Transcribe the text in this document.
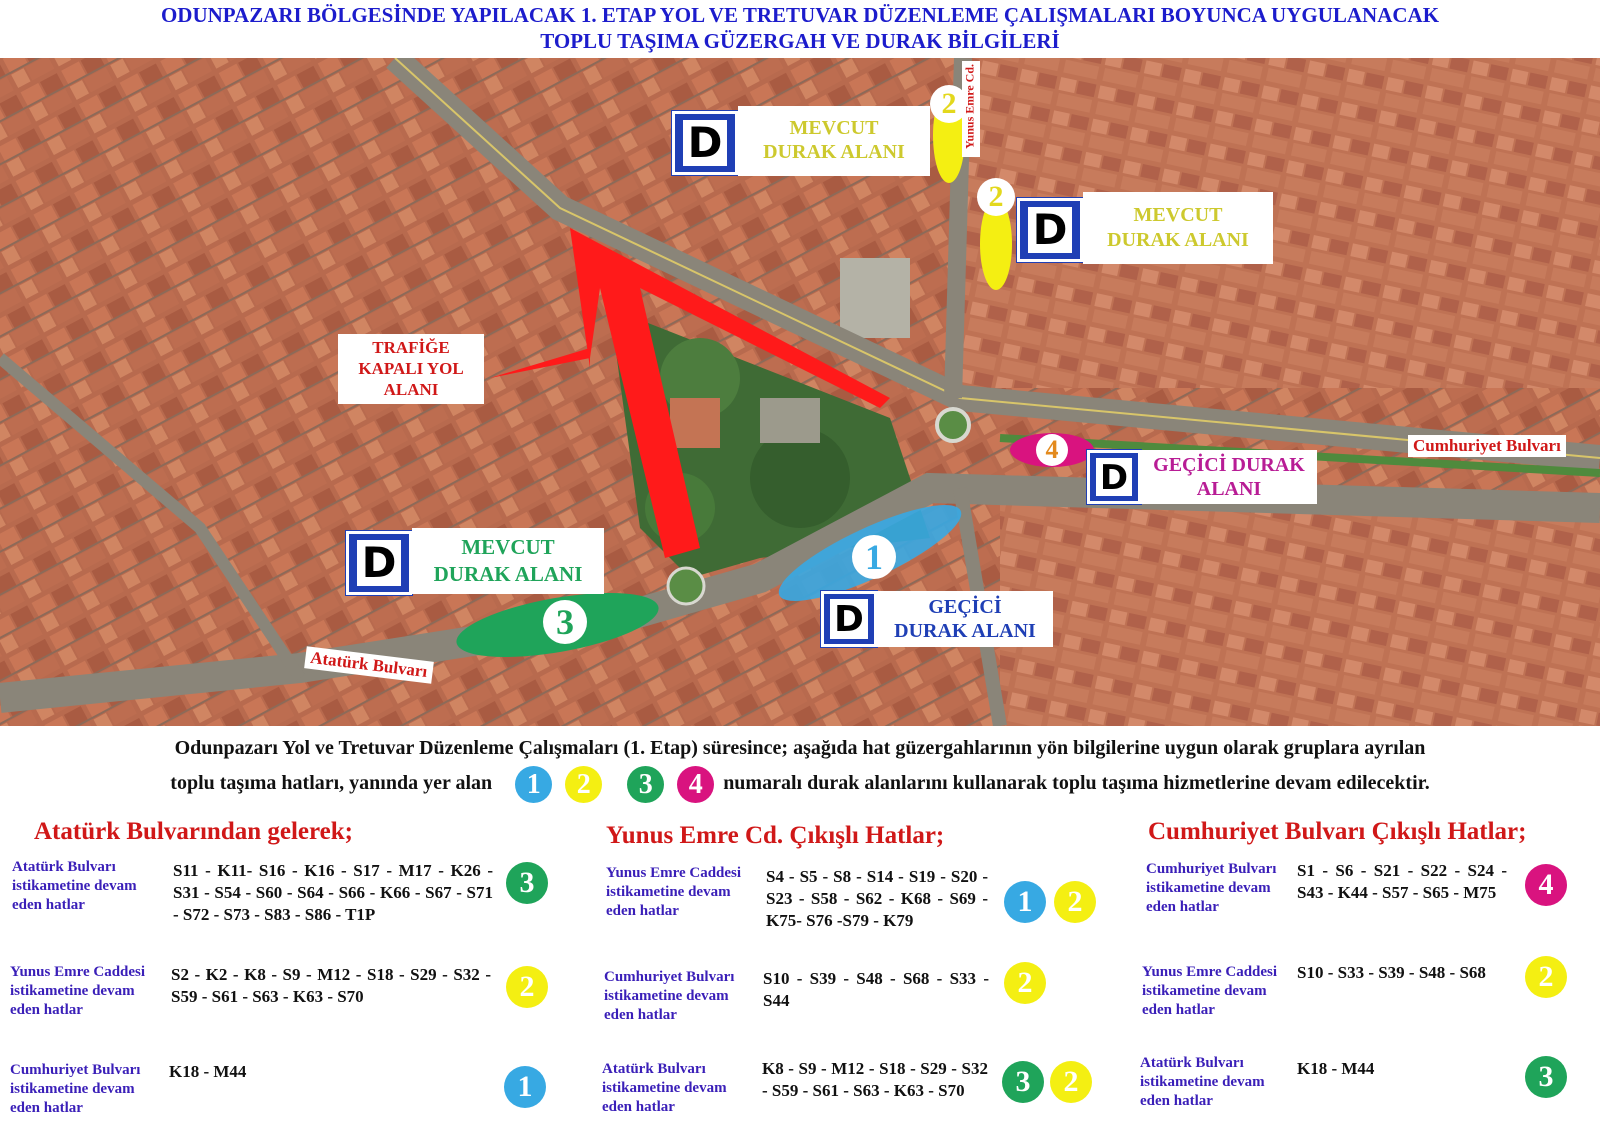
ODUNPAZARI BÖLGESİNDE YAPILACAK 1. ETAP YOL VE TRETUVAR DÜZENLEME ÇALIŞMALARI BOYUNCA UYGULANACAK
TOPLU TAŞIMA GÜZERGAH VE DURAK BİLGİLERİ
2
2
4
1
3
Yunus Emre Cd.
Cumhuriyet Bulvarı
Atatürk Bulvarı
D	MEVCUT
DURAK ALANI
D	MEVCUT
DURAK ALANI
TRAFİĞE
KAPALI YOL
ALANI
D	GEÇİCİ DURAK
ALANI
D	MEVCUT
DURAK ALANI
D	GEÇİCİ
DURAK ALANI
Odunpazarı Yol ve Tretuvar Düzenleme Çalışmaları (1. Etap) süresince; aşağıda hat güzergahlarının yön bilgilerine uygun olarak gruplara ayrılan
toplu taşıma hatları, yanında yer alan 1 2 3 4 numaralı durak alanlarını kullanarak toplu taşıma hizmetlerine devam edilecektir.
Atatürk Bulvarından gelerek;
Atatürk Bulvarı istikametine devam eden hatlar
S11 - K11- S16 - K16 - S17 - M17 - K26 - S31 - S54 - S60 - S64 - S66 - K66 - S67 - S71 - S72 - S73 - S83 - S86 - T1P
3
Yunus Emre Caddesi istikametine devam eden hatlar
S2 - K2 - K8 - S9 - M12 - S18 - S29 - S32 - S59 - S61 - S63 - K63 - S70	2
Cumhuriyet Bulvarı istikametine devam eden hatlar
K18 - M44	1
Yunus Emre Cd. Çıkışlı Hatlar;
Yunus Emre Caddesi istikametine devam eden hatlar
S4 - S5 - S8 - S14 - S19 - S20 - S23 - S58 - S62 - K68 - S69 - K75- S76 -S79 - K79
1	2
Cumhuriyet Bulvarı istikametine devam eden hatlar
S10 - S39 - S48 - S68 - S33 - S44
2
Atatürk Bulvarı istikametine devam eden hatlar
K8 - S9 - M12 - S18 - S29 - S32 - S59 - S61 - S63 - K63 - S70	3	2
Cumhuriyet Bulvarı Çıkışlı Hatlar;
Cumhuriyet Bulvarı istikametine devam eden hatlar
S1 - S6 - S21 - S22 - S24 - S43 - K44 - S57 - S65 - M75	4
Yunus Emre Caddesi istikametine devam eden hatlar
S10 - S33 - S39 - S48 - S68	2
Atatürk Bulvarı istikametine devam eden hatlar
K18 - M44	3
